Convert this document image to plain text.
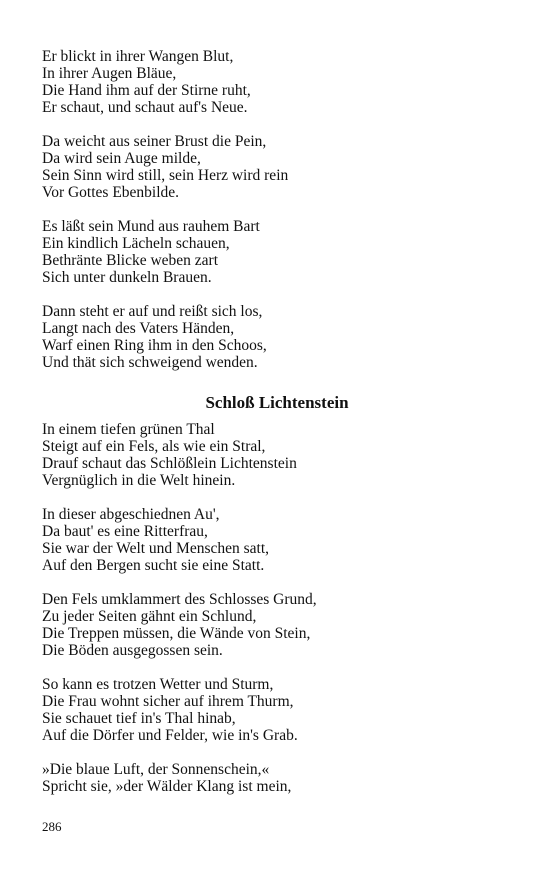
Er blickt in ihrer Wangen Blut,
In ihrer Augen Bläue,
Die Hand ihm auf der Stirne ruht,
Er schaut, und schaut auf's Neue.
Da weicht aus seiner Brust die Pein,
Da wird sein Auge milde,
Sein Sinn wird still, sein Herz wird rein
Vor Gottes Ebenbilde.
Es läßt sein Mund aus rauhem Bart
Ein kindlich Lächeln schauen,
Bethränte Blicke weben zart
Sich unter dunkeln Brauen.
Dann steht er auf und reißt sich los,
Langt nach des Vaters Händen,
Warf einen Ring ihm in den Schoos,
Und thät sich schweigend wenden.
Schloß Lichtenstein
In einem tiefen grünen Thal
Steigt auf ein Fels, als wie ein Stral,
Drauf schaut das Schlößlein Lichtenstein
Vergnüglich in die Welt hinein.
In dieser abgeschiednen Au',
Da baut' es eine Ritterfrau,
Sie war der Welt und Menschen satt,
Auf den Bergen sucht sie eine Statt.
Den Fels umklammert des Schlosses Grund,
Zu jeder Seiten gähnt ein Schlund,
Die Treppen müssen, die Wände von Stein,
Die Böden ausgegossen sein.
So kann es trotzen Wetter und Sturm,
Die Frau wohnt sicher auf ihrem Thurm,
Sie schauet tief in's Thal hinab,
Auf die Dörfer und Felder, wie in's Grab.
»Die blaue Luft, der Sonnenschein,«
Spricht sie, »der Wälder Klang ist mein,
286
